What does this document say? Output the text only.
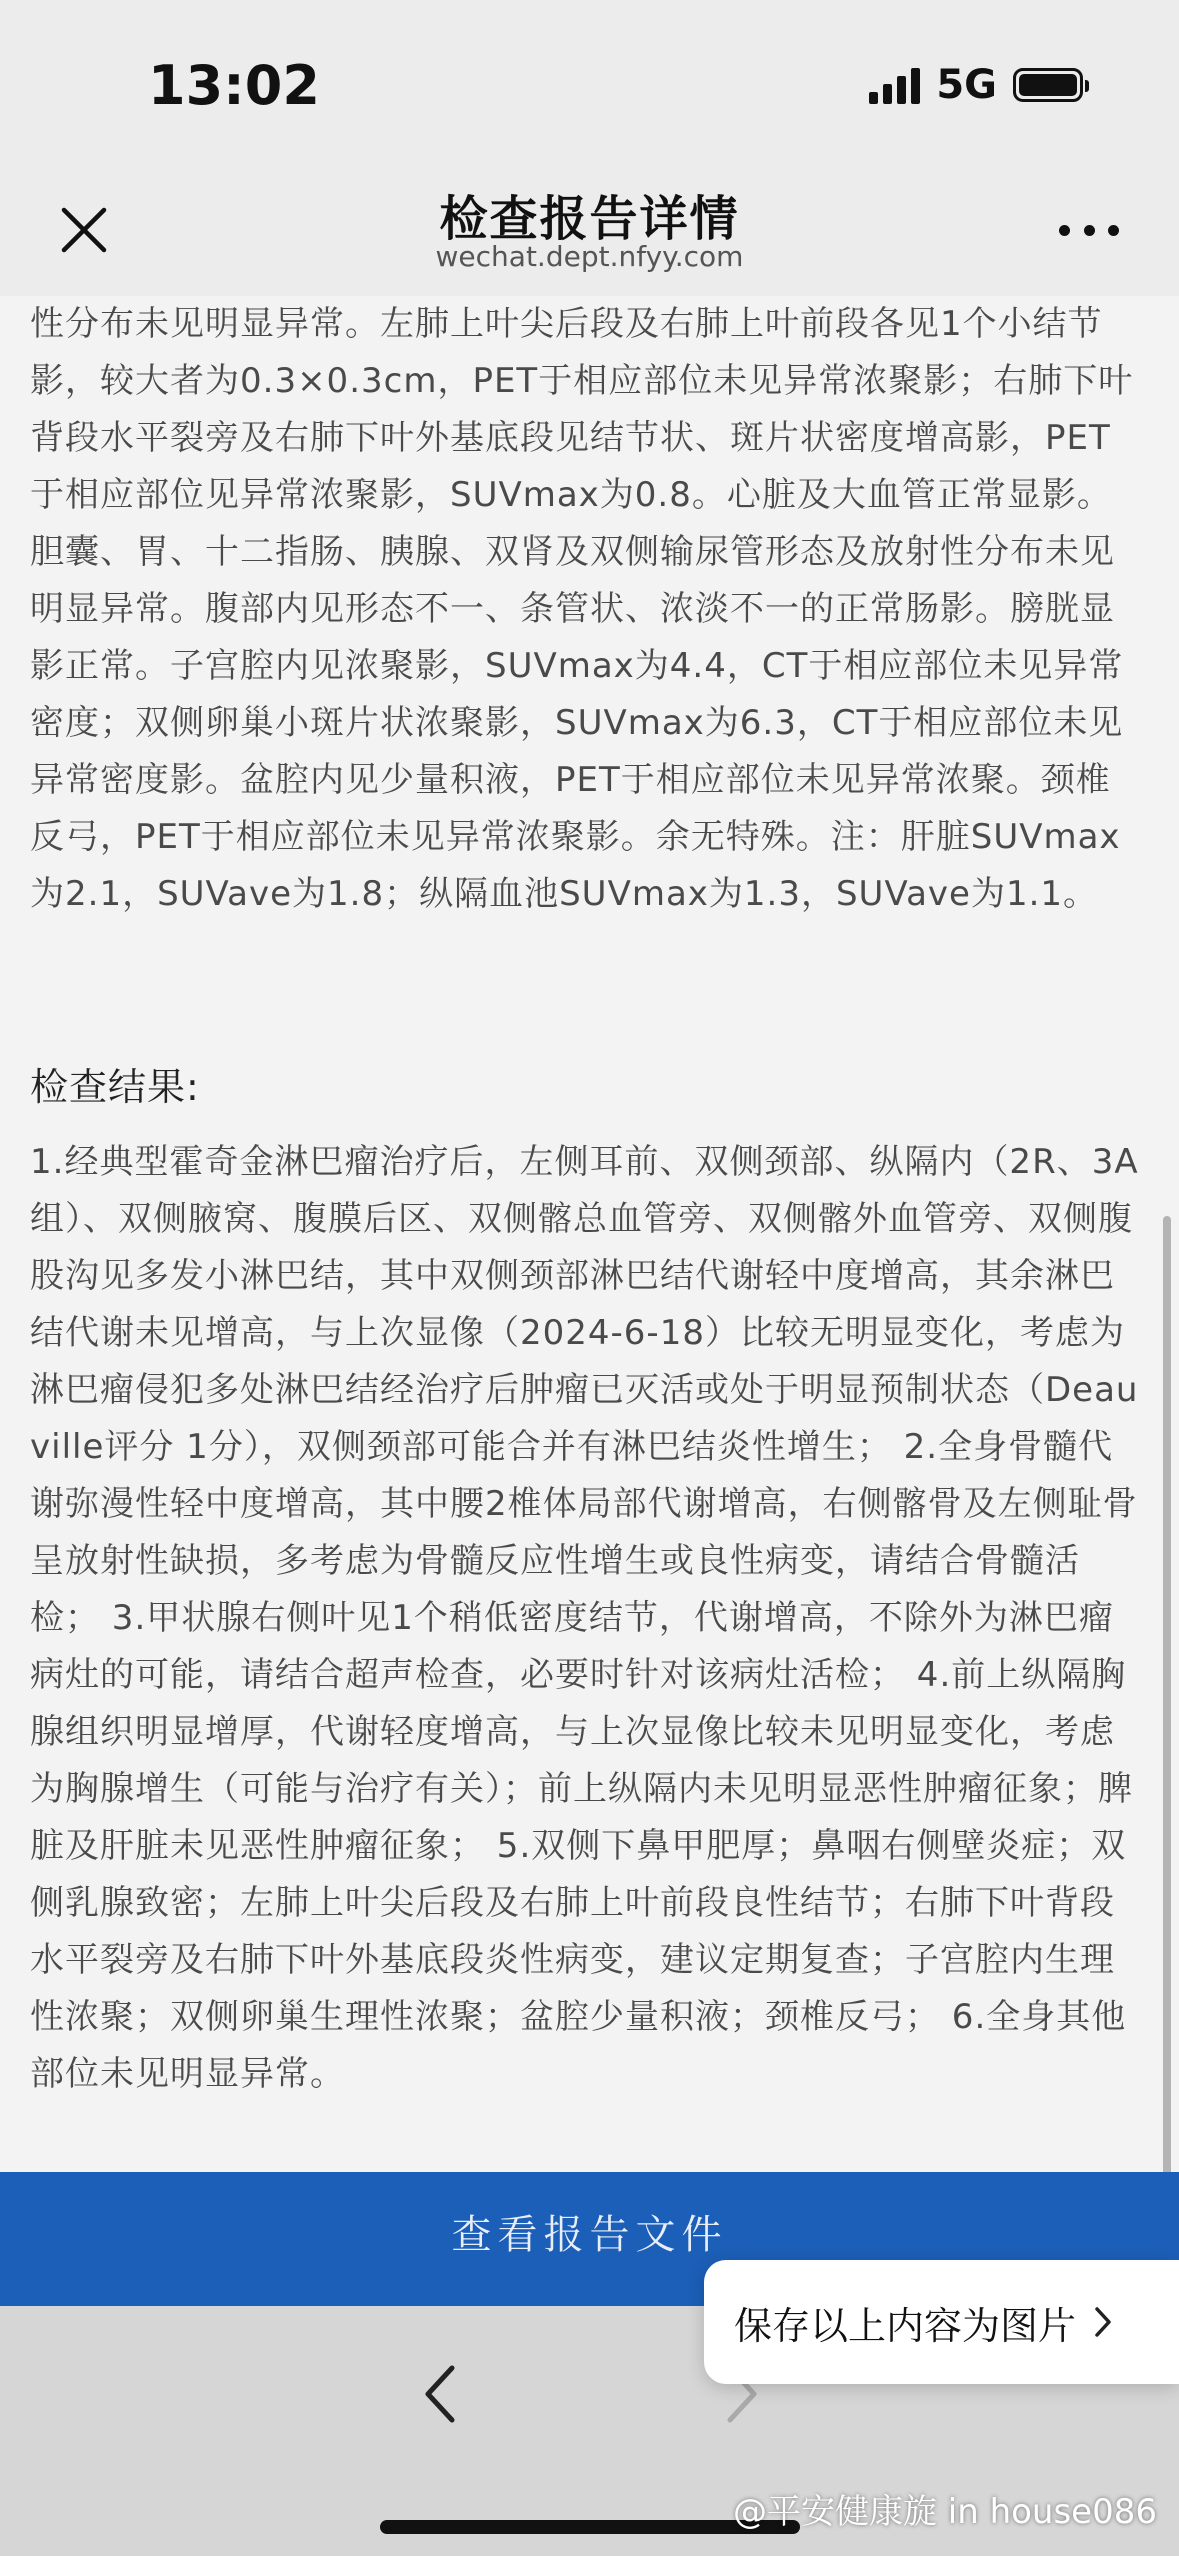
13:02	5G
检查报告详情
wechat.dept.nfyy.com

性分布未见明显异常。左肺上叶尖后段及右肺上叶前段各见1个小结节影，较大者为0.3×0.3cm，PET于相应部位未见异常浓聚影；右肺下叶背段水平裂旁及右肺下叶外基底段见结节状、斑片状密度增高影，PET于相应部位见异常浓聚影，SUVmax为0.8。心脏及大血管正常显影。胆囊、胃、十二指肠、胰腺、双肾及双侧输尿管形态及放射性分布未见明显异常。腹部内见形态不一、条管状、浓淡不一的正常肠影。膀胱显影正常。子宫腔内见浓聚影，SUVmax为4.4，CT于相应部位未见异常密度；双侧卵巢小斑片状浓聚影，SUVmax为6.3，CT于相应部位未见异常密度影。盆腔内见少量积液，PET于相应部位未见异常浓聚。颈椎反弓，PET于相应部位未见异常浓聚影。余无特殊。注：肝脏SUVmax为2.1，SUVave为1.8；纵隔血池SUVmax为1.3，SUVave为1.1。

检查结果:

1.经典型霍奇金淋巴瘤治疗后，左侧耳前、双侧颈部、纵隔内（2R、3A组）、双侧腋窝、腹膜后区、双侧髂总血管旁、双侧髂外血管旁、双侧腹股沟见多发小淋巴结，其中双侧颈部淋巴结代谢轻中度增高，其余淋巴结代谢未见增高，与上次显像（2024-6-18）比较无明显变化，考虑为淋巴瘤侵犯多处淋巴结经治疗后肿瘤已灭活或处于明显预制状态（Deauville评分 1分），双侧颈部可能合并有淋巴结炎性增生； 2.全身骨髓代谢弥漫性轻中度增高，其中腰2椎体局部代谢增高，右侧髂骨及左侧耻骨呈放射性缺损，多考虑为骨髓反应性增生或良性病变，请结合骨髓活检； 3.甲状腺右侧叶见1个稍低密度结节，代谢增高，不除外为淋巴瘤病灶的可能，请结合超声检查，必要时针对该病灶活检； 4.前上纵隔胸腺组织明显增厚，代谢轻度增高，与上次显像比较未见明显变化，考虑为胸腺增生（可能与治疗有关）；前上纵隔内未见明显恶性肿瘤征象；脾脏及肝脏未见恶性肿瘤征象； 5.双侧下鼻甲肥厚；鼻咽右侧壁炎症；双侧乳腺致密；左肺上叶尖后段及右肺上叶前段良性结节；右肺下叶背段水平裂旁及右肺下叶外基底段炎性病变，建议定期复查；子宫腔内生理性浓聚；双侧卵巢生理性浓聚；盆腔少量积液；颈椎反弓； 6.全身其他部位未见明显异常。

查看报告文件
@平安健康旋 in house086
保存以上内容为图片
